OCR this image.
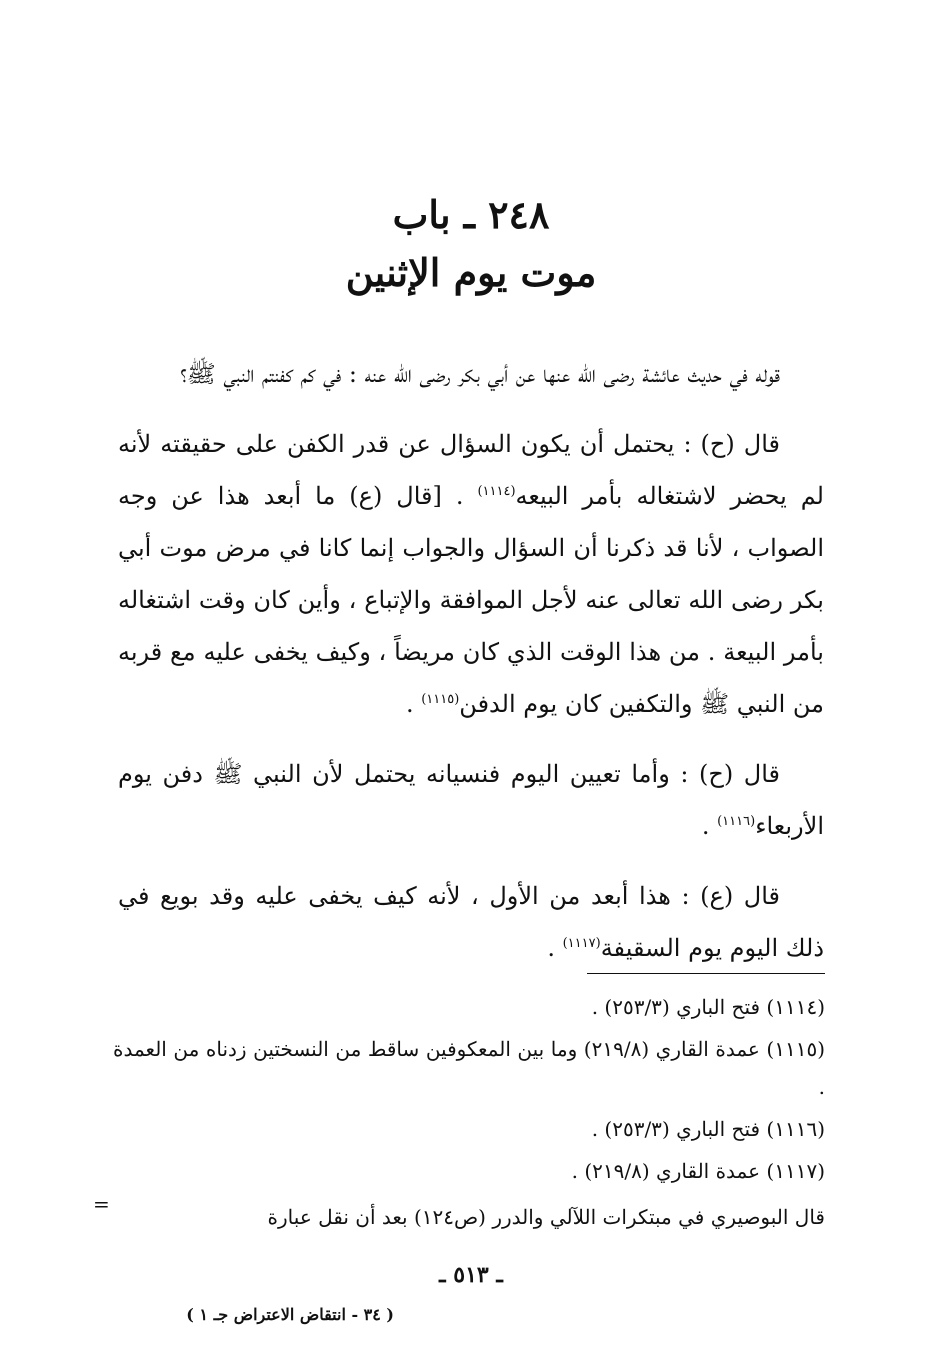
٢٤٨ ـ باب
موت يوم الإثنين

قوله في حديث عائشة رضى الله عنها عن أبي بكر رضى الله عنه : في كم كفنتم النبي ﷺ؟

قال (ح) : يحتمل أن يكون السؤال عن قدر الكفن على حقيقته لأنه لم يحضر لاشتغاله بأمر البيعه$^{(١١١٤)}$ . [قال (ع) ما أبعد هذا عن وجه الصواب ، لأنا قد ذكرنا أن السؤال والجواب إنما كانا في مرض موت أبي بكر رضى الله تعالى عنه لأجل الموافقة والإتباع ، وأين كان وقت اشتغاله بأمر البيعة . من هذا الوقت الذي كان مريضاً ، وكيف يخفى عليه مع قربه من النبي ﷺ والتكفين كان يوم الدفن$^{(١١١٥)}$ .

قال (ح) : وأما تعيين اليوم فنسيانه يحتمل لأن النبي ﷺ دفن يوم الأربعاء$^{(١١١٦)}$ .

قال (ع) : هذا أبعد من الأول ، لأنه كيف يخفى عليه وقد بويع في ذلك اليوم يوم السقيفة$^{(١١١٧)}$ .

(١١١٤) فتح الباري (٢٥٣/٣) .
(١١١٥) عمدة القاري (٢١٩/٨) وما بين المعكوفين ساقط من النسختين زدناه من العمدة .
(١١١٦) فتح الباري (٢٥٣/٣) .
(١١١٧) عمدة القاري (٢١٩/٨) .
قال البوصيري في مبتكرات اللآلي والدرر (ص١٢٤) بعد أن نقل عبارة
=
ـ ٥١٣ ـ
( ٣٤ - انتقاض الاعتراض جـ ١ )
